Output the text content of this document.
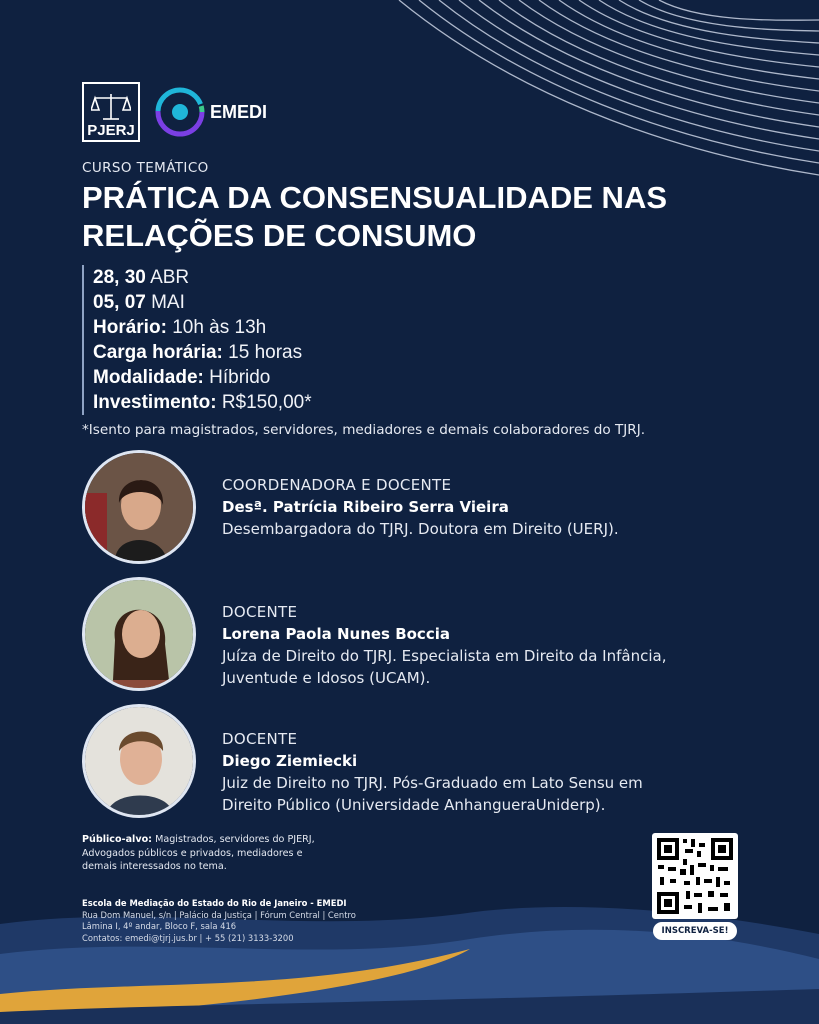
PJERJ
EMEDI
CURSO TEMÁTICO
PRÁTICA DA CONSENSUALIDADE NAS
RELAÇÕES DE CONSUMO
28, 30 ABR
05, 07 MAI
Horário: 10h às 13h
Carga horária: 15 horas
Modalidade: Híbrido
Investimento: R$150,00*
*Isento para magistrados, servidores, mediadores e demais colaboradores do TJRJ.
COORDENADORA E DOCENTE
Desª. Patrícia Ribeiro Serra Vieira
Desembargadora do TJRJ. Doutora em Direito (UERJ).
DOCENTE
Lorena Paola Nunes Boccia
Juíza de Direito do TJRJ. Especialista em Direito da Infância,
Juventude e Idosos (UCAM).
DOCENTE
Diego Ziemiecki
Juiz de Direito no TJRJ. Pós-Graduado em Lato Sensu em
Direito Público (Universidade AnhangueraUniderp).
Público-alvo: Magistrados, servidores do PJERJ,
Advogados públicos e privados, mediadores e
demais interessados no tema.
Escola de Mediação do Estado do Rio de Janeiro - EMEDI
Rua Dom Manuel, s/n | Palácio da Justiça | Fórum Central | Centro
Lâmina I, 4º andar, Bloco F, sala 416
Contatos: emedi@tjrj.jus.br | + 55 (21) 3133-3200
INSCREVA-SE!
